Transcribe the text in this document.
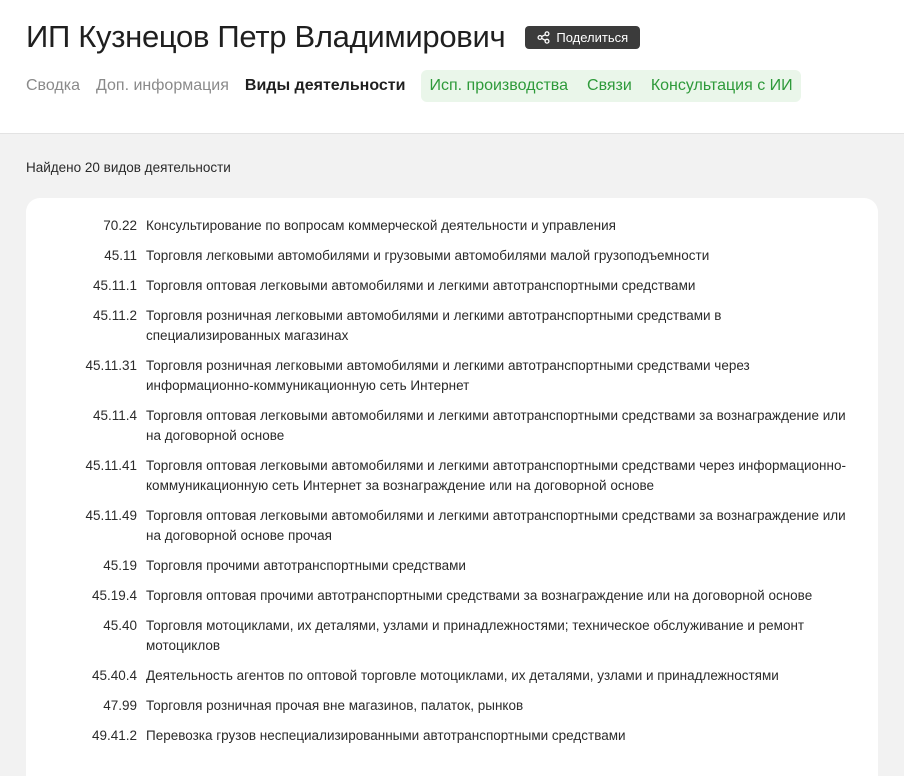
ИП Кузнецов Петр Владимирович	Поделиться
Сводка Доп. информация Виды деятельности Исп. производства Связи Консультация с ИИ
Найдено 20 видов деятельности
70.22 Консультирование по вопросам коммерческой деятельности и управления
45.11 Торговля легковыми автомобилями и грузовыми автомобилями малой грузоподъемности
45.11.1 Торговля оптовая легковыми автомобилями и легкими автотранспортными средствами
45.11.2 Торговля розничная легковыми автомобилями и легкими автотранспортными средствами в специализированных магазинах
45.11.31 Торговля розничная легковыми автомобилями и легкими автотранспортными средствами через информационно-коммуникационную сеть Интернет
45.11.4 Торговля оптовая легковыми автомобилями и легкими автотранспортными средствами за вознаграждение или на договорной основе
45.11.41 Торговля оптовая легковыми автомобилями и легкими автотранспортными средствами через информационно-коммуникационную сеть Интернет за вознаграждение или на договорной основе
45.11.49 Торговля оптовая легковыми автомобилями и легкими автотранспортными средствами за вознаграждение или на договорной основе прочая
45.19 Торговля прочими автотранспортными средствами
45.19.4 Торговля оптовая прочими автотранспортными средствами за вознаграждение или на договорной основе
45.40 Торговля мотоциклами, их деталями, узлами и принадлежностями; техническое обслуживание и ремонт мотоциклов
45.40.4 Деятельность агентов по оптовой торговле мотоциклами, их деталями, узлами и принадлежностями
47.99 Торговля розничная прочая вне магазинов, палаток, рынков
49.41.2 Перевозка грузов неспециализированными автотранспортными средствами
